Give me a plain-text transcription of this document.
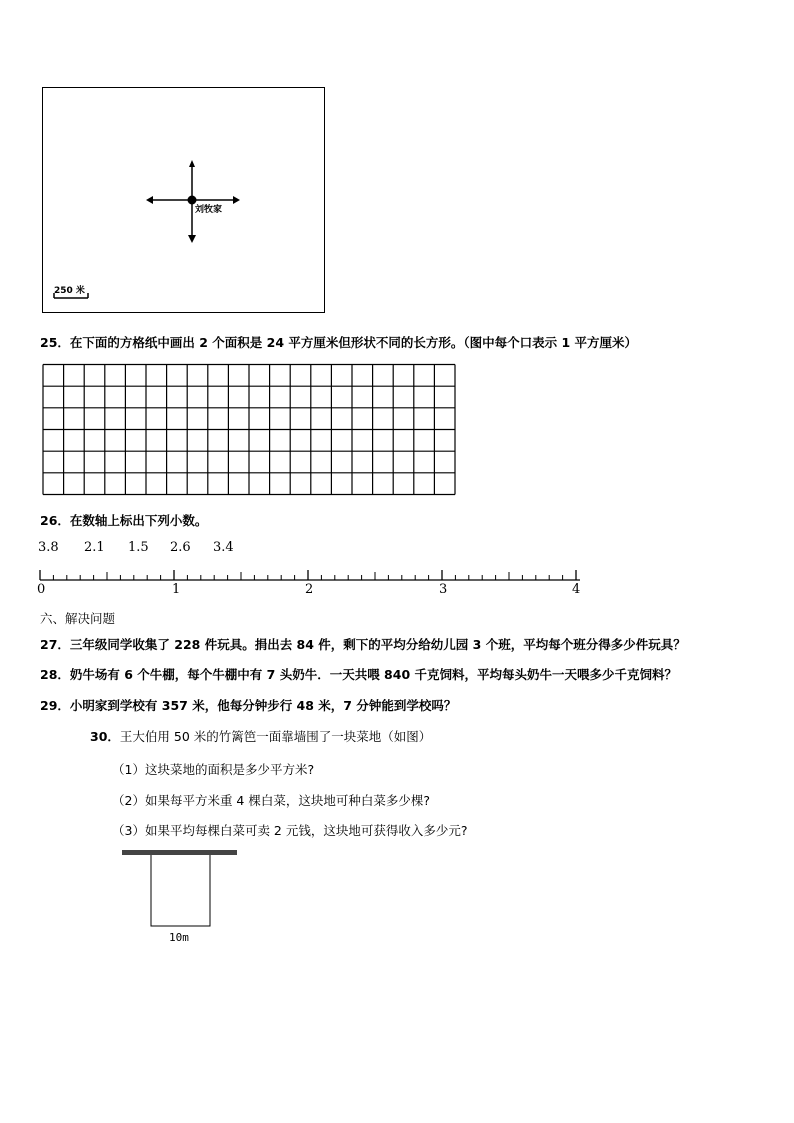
刘牧家
250 米
25．在下面的方格纸中画出 2 个面积是 24 平方厘米但形状不同的长方形。（图中每个口表示 1 平方厘米）
26．在数轴上标出下列小数。
3.8 2.1 1.5 2.6 3.4
0	1	2	3	4
六、解决问题
27．三年级同学收集了 228 件玩具。捐出去 84 件，剩下的平均分给幼儿园 3 个班，平均每个班分得多少件玩具？
28．奶牛场有 6 个牛棚，每个牛棚中有 7 头奶牛．一天共喂 840 千克饲料，平均每头奶牛一天喂多少千克饲料？
29．小明家到学校有 357 米，他每分钟步行 48 米，7 分钟能到学校吗？
30．王大伯用 50 米的竹篱笆一面靠墙围了一块菜地（如图）
（1）这块菜地的面积是多少平方米?
（2）如果每平方米重 4 棵白菜，这块地可种白菜多少棵?
（3）如果平均每棵白菜可卖 2 元钱，这块地可获得收入多少元?
10m
